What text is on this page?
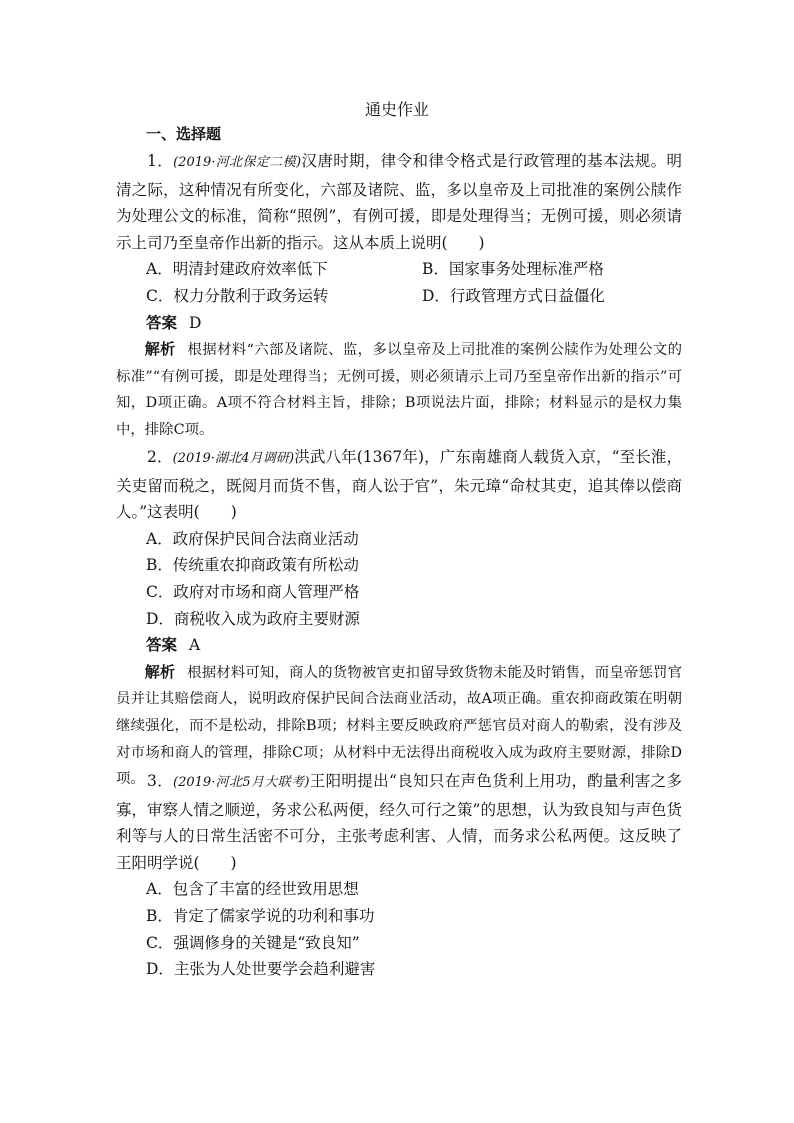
通史作业
一、选择题

1．(2019·河北保定二模)汉唐时期，律令和律令格式是行政管理的基本法规。明清之际，这种情况有所变化，六部及诸院、监，多以皇帝及上司批准的案例公牍作为处理公文的标准，简称“照例”，有例可援，即是处理得当；无例可援，则必须请示上司乃至皇帝作出新的指示。这从本质上说明(　　)

A．明清封建政府效率低下	B．国家事务处理标准严格
C．权力分散利于政务运转	D．行政管理方式日益僵化
答案 D

解析 根据材料“六部及诸院、监，多以皇帝及上司批准的案例公牍作为处理公文的标准”“有例可援，即是处理得当；无例可援，则必须请示上司乃至皇帝作出新的指示”可知，D项正确。A项不符合材料主旨，排除；B项说法片面，排除；材料显示的是权力集中，排除C项。

2．(2019·湖北4月调研)洪武八年(1367年)，广东南雄商人载货入京，“至长淮，关吏留而税之，既阅月而货不售，商人讼于官”，朱元璋“命杖其吏，追其俸以偿商人。”这表明(　　)

A．政府保护民间合法商业活动
B．传统重农抑商政策有所松动
C．政府对市场和商人管理严格
D．商税收入成为政府主要财源
答案 A

解析 根据材料可知，商人的货物被官吏扣留导致货物未能及时销售，而皇帝惩罚官员并让其赔偿商人，说明政府保护民间合法商业活动，故A项正确。重农抑商政策在明朝继续强化，而不是松动，排除B项；材料主要反映政府严惩官员对商人的勒索，没有涉及对市场和商人的管理，排除C项；从材料中无法得出商税收入成为政府主要财源，排除D项。 3．(2019·河北5月大联考)王阳明提出“良知只在声色货利上用功，酌量利害之多寡，审察人情之顺逆，务求公私两便，经久可行之策”的思想，认为致良知与声色货利等与人的日常生活密不可分，主张考虑利害、人情，而务求公私两便。这反映了王阳明学说(　　)

A．包含了丰富的经世致用思想
B．肯定了儒家学说的功利和事功
C．强调修身的关键是“致良知”
D．主张为人处世要学会趋利避害
